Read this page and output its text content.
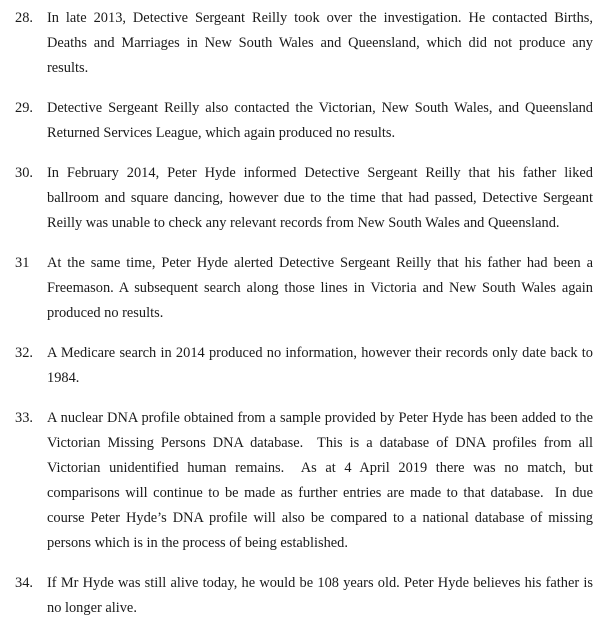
28. In late 2013, Detective Sergeant Reilly took over the investigation. He contacted Births, Deaths and Marriages in New South Wales and Queensland, which did not produce any results.
29. Detective Sergeant Reilly also contacted the Victorian, New South Wales, and Queensland Returned Services League, which again produced no results.
30. In February 2014, Peter Hyde informed Detective Sergeant Reilly that his father liked ballroom and square dancing, however due to the time that had passed, Detective Sergeant Reilly was unable to check any relevant records from New South Wales and Queensland.
31	At the same time, Peter Hyde alerted Detective Sergeant Reilly that his father had been a Freemason. A subsequent search along those lines in Victoria and New South Wales again produced no results.
32. A Medicare search in 2014 produced no information, however their records only date back to 1984.
33. A nuclear DNA profile obtained from a sample provided by Peter Hyde has been added to the Victorian Missing Persons DNA database.  This is a database of DNA profiles from all Victorian unidentified human remains.  As at 4 April 2019 there was no match, but comparisons will continue to be made as further entries are made to that database.  In due course Peter Hyde’s DNA profile will also be compared to a national database of missing persons which is in the process of being established.
34. If Mr Hyde was still alive today, he would be 108 years old. Peter Hyde believes his father is no longer alive.
